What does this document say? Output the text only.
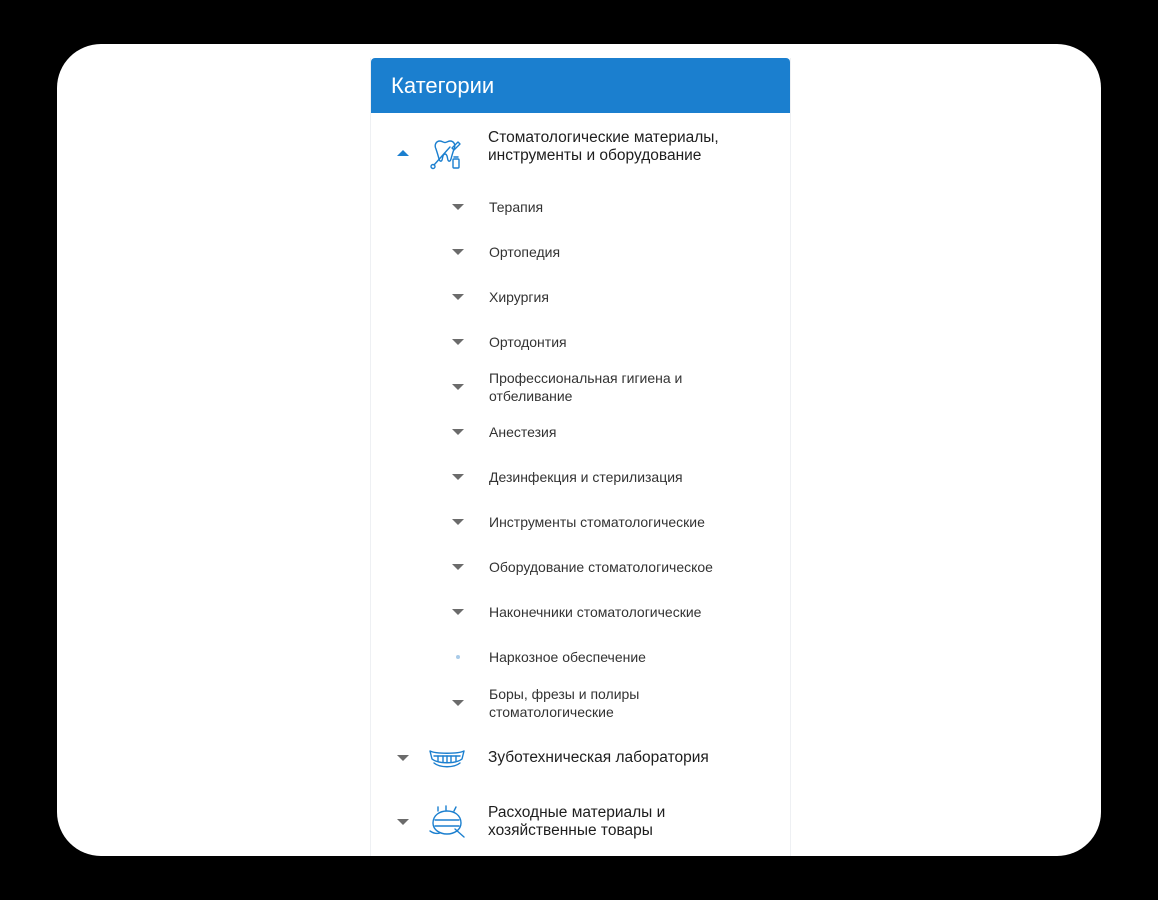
Категории
Стоматологические материалы, инструменты и оборудование
Терапия
Ортопедия
Хирургия
Ортодонтия
Профессиональная гигиена и отбеливание
Анестезия
Дезинфекция и стерилизация
Инструменты стоматологические
Оборудование стоматологическое
Наконечники стоматологические
Наркозное обеспечение
Боры, фрезы и полиры стоматологические
Зуботехническая лаборатория
Расходные материалы и хозяйственные товары
